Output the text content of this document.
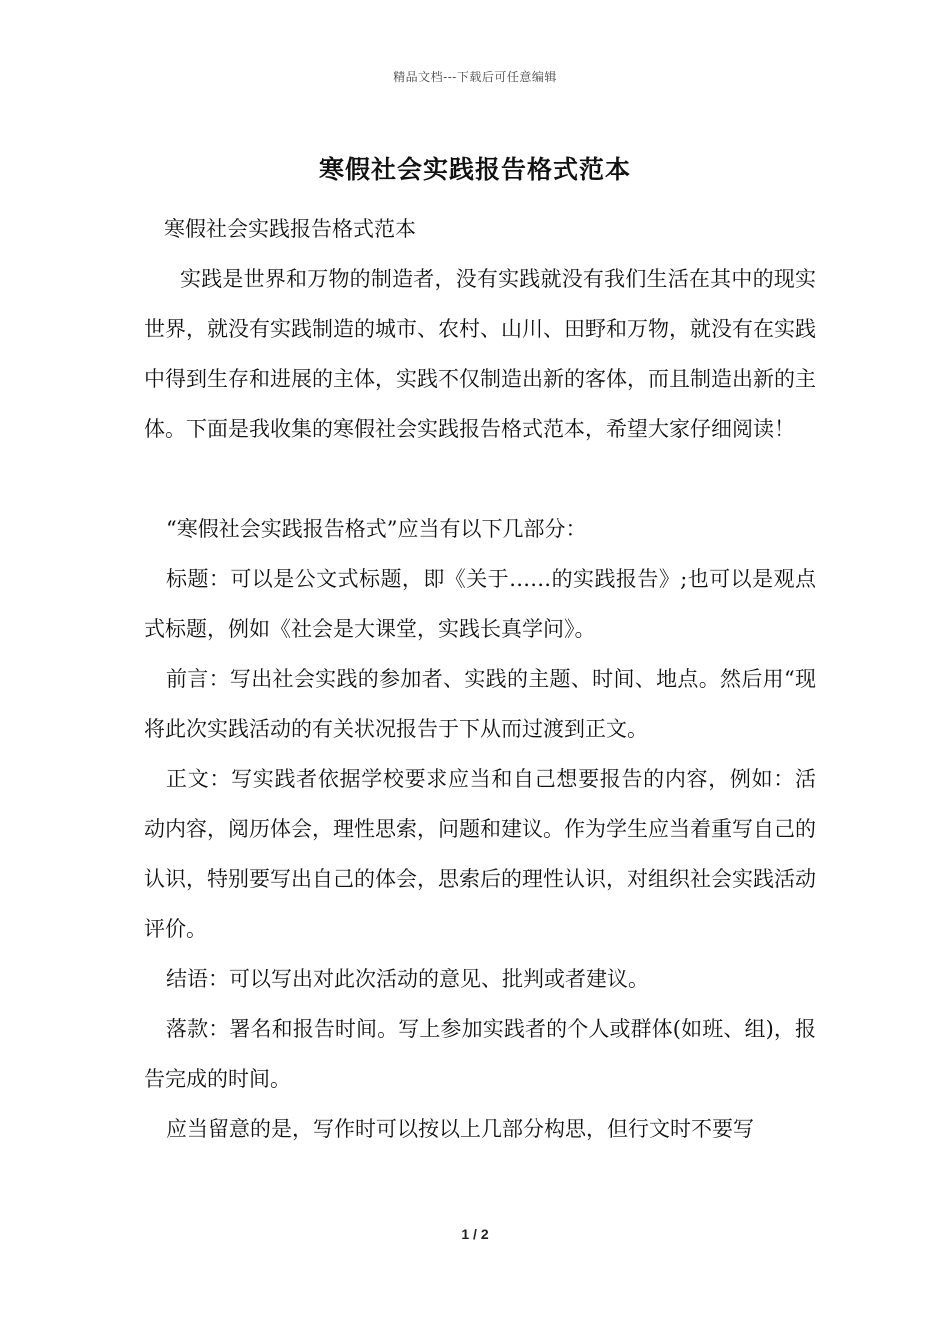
精品文档---下载后可任意编辑
寒假社会实践报告格式范本

寒假社会实践报告格式范本

实践是世界和万物的制造者，没有实践就没有我们生活在其中的现实世界，就没有实践制造的城市、农村、山川、田野和万物，就没有在实践中得到生存和进展的主体，实践不仅制造出新的客体，而且制造出新的主体。下面是我收集的寒假社会实践报告格式范本，希望大家仔细阅读！

“寒假社会实践报告格式”应当有以下几部分：

标题：可以是公文式标题，即《关于……的实践报告》;也可以是观点式标题，例如《社会是大课堂，实践长真学问》。

前言：写出社会实践的参加者、实践的主题、时间、地点。然后用“现将此次实践活动的有关状况报告于下从而过渡到正文。

正文：写实践者依据学校要求应当和自己想要报告的内容，例如：活动内容，阅历体会，理性思索，问题和建议。作为学生应当着重写自己的认识，特别要写出自己的体会，思索后的理性认识，对组织社会实践活动评价。

结语：可以写出对此次活动的意见、批判或者建议。

落款：署名和报告时间。写上参加实践者的个人或群体(如班、组)，报告完成的时间。

应当留意的是，写作时可以按以上几部分构思，但行文时不要写

1 / 2
